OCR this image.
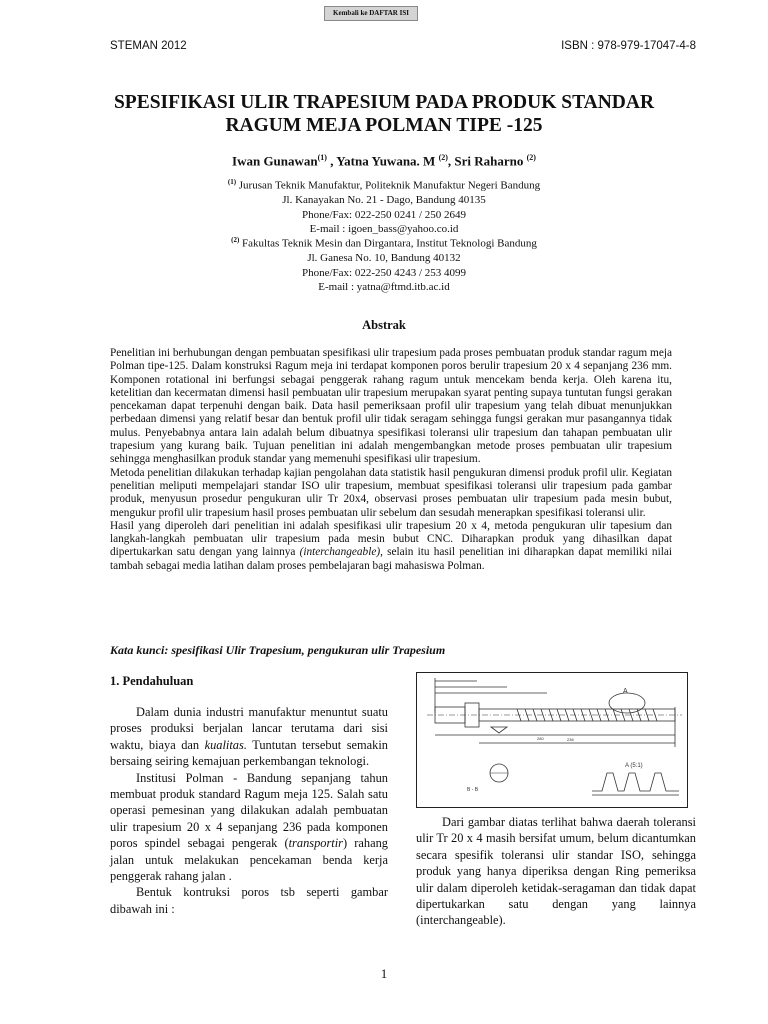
Kembali ke DAFTAR ISI
STEMAN 2012	ISBN : 978-979-17047-4-8
SPESIFIKASI ULIR TRAPESIUM PADA PRODUK STANDAR
RAGUM MEJA POLMAN TIPE -125
Iwan Gunawan$^{(1)}$ , Yatna Yuwana. M $^{(2)}$, Sri Raharno $^{(2)}$
$^{(1)}$ Jurusan Teknik Manufaktur, Politeknik Manufaktur Negeri Bandung
Jl. Kanayakan No. 21 - Dago, Bandung 40135
Phone/Fax: 022-250 0241 / 250 2649
E-mail : igoen_bass@yahoo.co.id
$^{(2)}$ Fakultas Teknik Mesin dan Dirgantara, Institut Teknologi Bandung
Jl. Ganesa No. 10, Bandung 40132
Phone/Fax: 022-250 4243 / 253 4099
E-mail : yatna@ftmd.itb.ac.id
Abstrak

Penelitian ini berhubungan dengan pembuatan spesifikasi ulir trapesium pada proses pembuatan produk standar ragum meja Polman tipe-125. Dalam konstruksi Ragum meja ini terdapat komponen poros berulir trapesium 20 x 4 sepanjang 236 mm. Komponen rotational ini berfungsi sebagai penggerak rahang ragum untuk mencekam benda kerja. Oleh karena itu, ketelitian dan kecermatan dimensi hasil pembuatan ulir trapesium merupakan syarat penting supaya tuntutan fungsi gerakan pencekaman dapat terpenuhi dengan baik. Data hasil pemeriksaan profil ulir trapesium yang telah dibuat menunjukkan perbedaan dimensi yang relatif besar dan bentuk profil ulir tidak seragam sehingga fungsi gerakan mur pasangannya tidak mulus. Penyebabnya antara lain adalah belum dibuatnya spesifikasi toleransi ulir trapesium dan tahapan pembuatan ulir trapesium yang kurang baik. Tujuan penelitian ini adalah mengembangkan metode proses pembuatan ulir trapesium sehingga menghasilkan produk standar yang memenuhi spesifikasi ulir trapesium.

Metoda penelitian dilakukan terhadap kajian pengolahan data statistik hasil pengukuran dimensi produk profil ulir. Kegiatan penelitian meliputi mempelajari standar ISO ulir trapesium, membuat spesifikasi toleransi ulir trapesium pada gambar produk, menyusun prosedur pengukuran ulir Tr 20x4, observasi proses pembuatan ulir trapesium pada mesin bubut, mengukur profil ulir trapesium hasil proses pembuatan ulir sebelum dan sesudah menerapkan spesifikasi toleransi ulir.

Hasil yang diperoleh dari penelitian ini adalah spesifikasi ulir trapesium 20 x 4, metoda pengukuran ulir tapesium dan langkah-langkah pembuatan ulir trapesium pada mesin bubut CNC. Diharapkan produk yang dihasilkan dapat dipertukarkan satu dengan yang lainnya (interchangeable), selain itu hasil penelitian ini diharapkan dapat memiliki nilai tambah sebagai media latihan dalam proses pembelajaran bagi mahasiswa Polman.

Kata kunci: spesifikasi Ulir Trapesium, pengukuran ulir Trapesium
1. Pendahuluan

Dalam dunia industri manufaktur menuntut suatu proses produksi berjalan lancar terutama dari sisi waktu, biaya dan kualitas. Tuntutan tersebut semakin bersaing seiring kemajuan perkembangan teknologi.

Institusi Polman - Bandung sepanjang tahun membuat produk standard Ragum meja 125. Salah satu operasi pemesinan yang dilakukan adalah pembuatan ulir trapesium 20 x 4 sepanjang 236 pada komponen poros spindel sebagai pengerak (transportir) rahang jalan untuk melakukan pencekaman benda kerja penggerak rahang jalan .

Bentuk kontruksi poros tsb seperti gambar dibawah ini :

A
A (5:1)
B - B
280	236

Dari gambar diatas terlihat bahwa daerah toleransi ulir Tr 20 x 4 masih bersifat umum, belum dicantumkan secara spesifik toleransi ulir standar ISO, sehingga produk yang hanya diperiksa dengan Ring pemeriksa ulir dalam diperoleh ketidak-seragaman dan tidak dapat dipertukarkan satu dengan yang lainnya (interchangeable).

1
